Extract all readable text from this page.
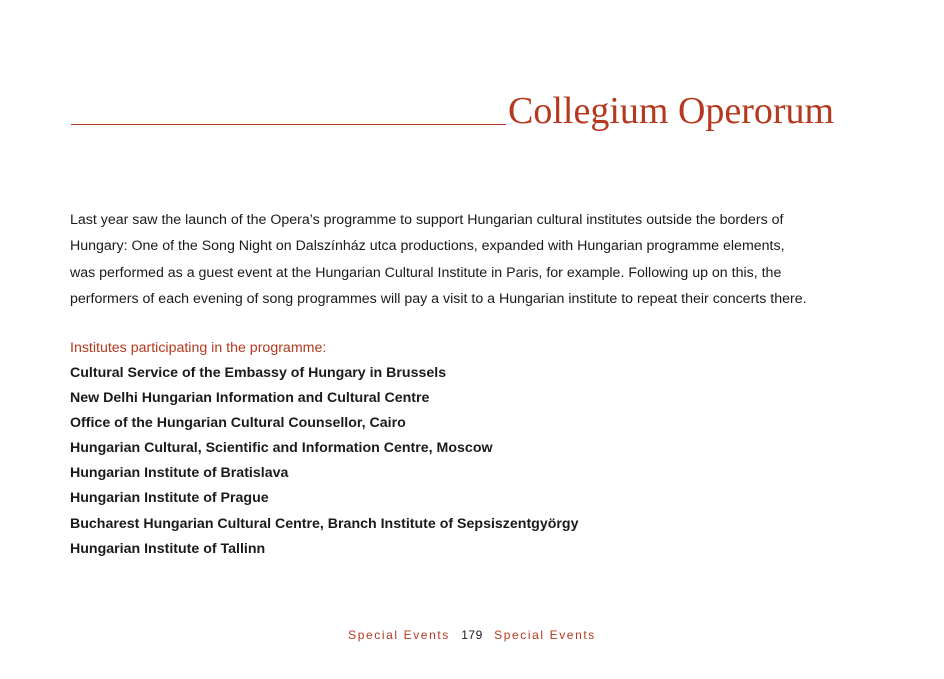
Collegium Operorum
Last year saw the launch of the Opera’s programme to support Hungarian cultural institutes outside the borders of
Hungary: One of the Song Night on Dalszínház utca productions, expanded with Hungarian programme elements,
was performed as a guest event at the Hungarian Cultural Institute in Paris, for example. Following up on this, the
performers of each evening of song programmes will pay a visit to a Hungarian institute to repeat their concerts there.
Institutes participating in the programme:
Cultural Service of the Embassy of Hungary in Brussels
New Delhi Hungarian Information and Cultural Centre
Office of the Hungarian Cultural Counsellor, Cairo
Hungarian Cultural, Scientific and Information Centre, Moscow
Hungarian Institute of Bratislava
Hungarian Institute of Prague
Bucharest Hungarian Cultural Centre, Branch Institute of Sepsiszentgyörgy
Hungarian Institute of Tallinn
Special Events 179 Special Events
